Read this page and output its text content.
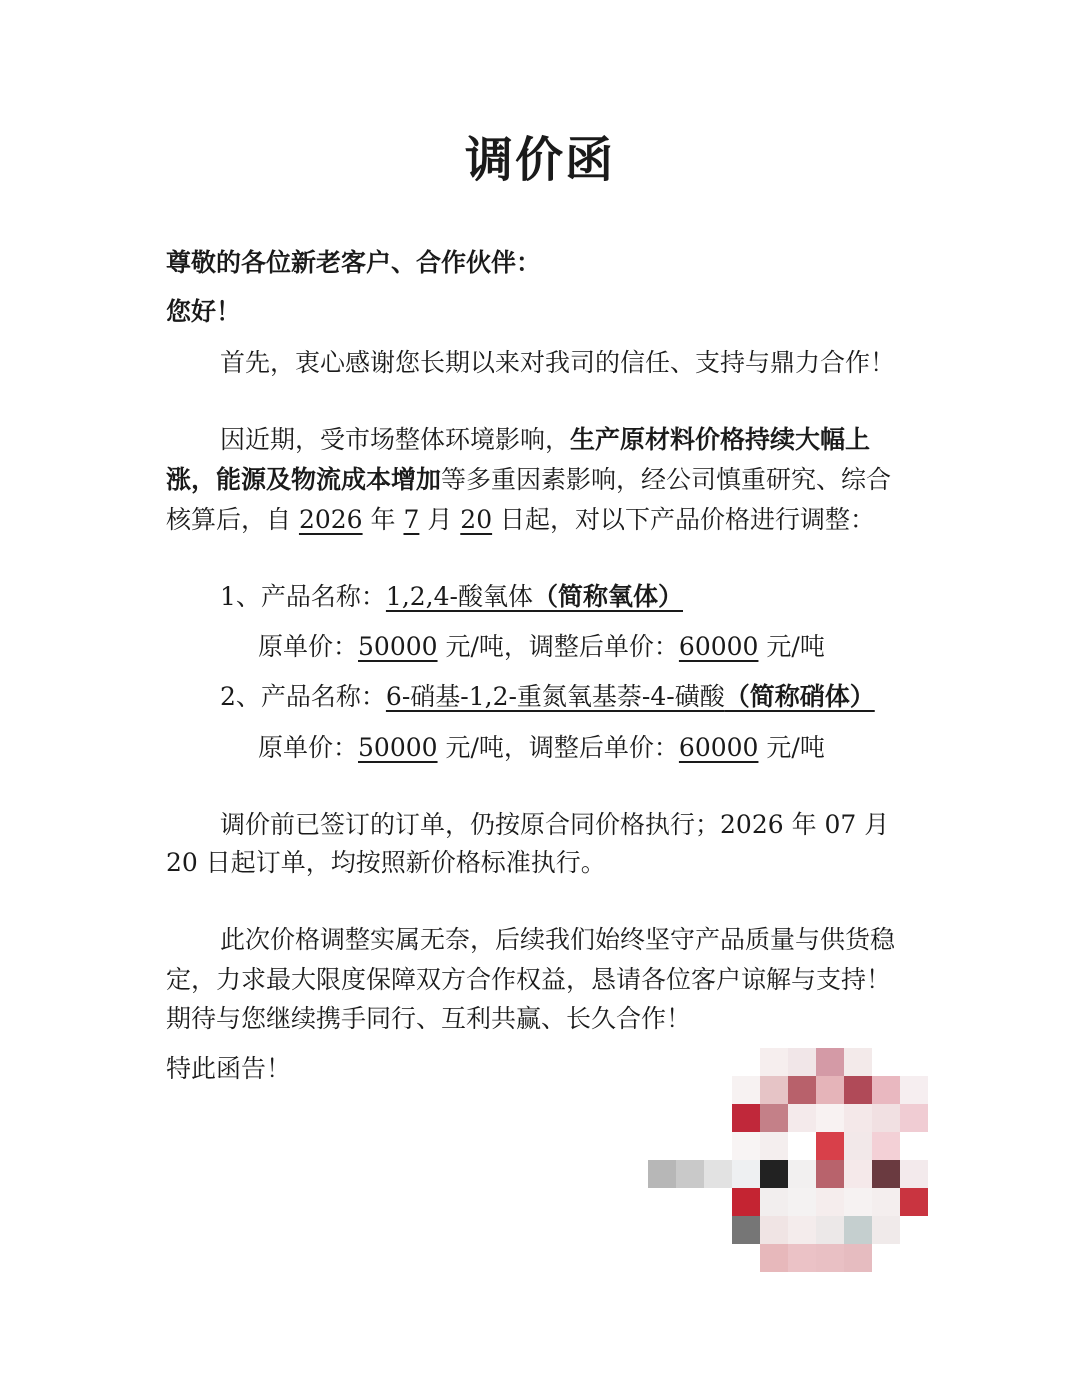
调价函
尊敬的各位新老客户、合作伙伴：
您好！
首先，衷心感谢您长期以来对我司的信任、支持与鼎力合作！
因近期，受市场整体环境影响，生产原材料价格持续大幅上
涨，能源及物流成本增加等多重因素影响，经公司慎重研究、综合
核算后，自 2026 年 7 月 20 日起，对以下产品价格进行调整：
1、产品名称：1,2,4-酸氧体（简称氧体）
原单价：50000 元/吨，调整后单价：60000 元/吨
2、产品名称：6-硝基-1,2-重氮氧基萘-4-磺酸（简称硝体）
原单价：50000 元/吨，调整后单价：60000 元/吨
调价前已签订的订单，仍按原合同价格执行；2026 年 07 月
20 日起订单，均按照新价格标准执行。
此次价格调整实属无奈，后续我们始终坚守产品质量与供货稳
定，力求最大限度保障双方合作权益，恳请各位客户谅解与支持！
期待与您继续携手同行、互利共赢、长久合作！
特此函告！
